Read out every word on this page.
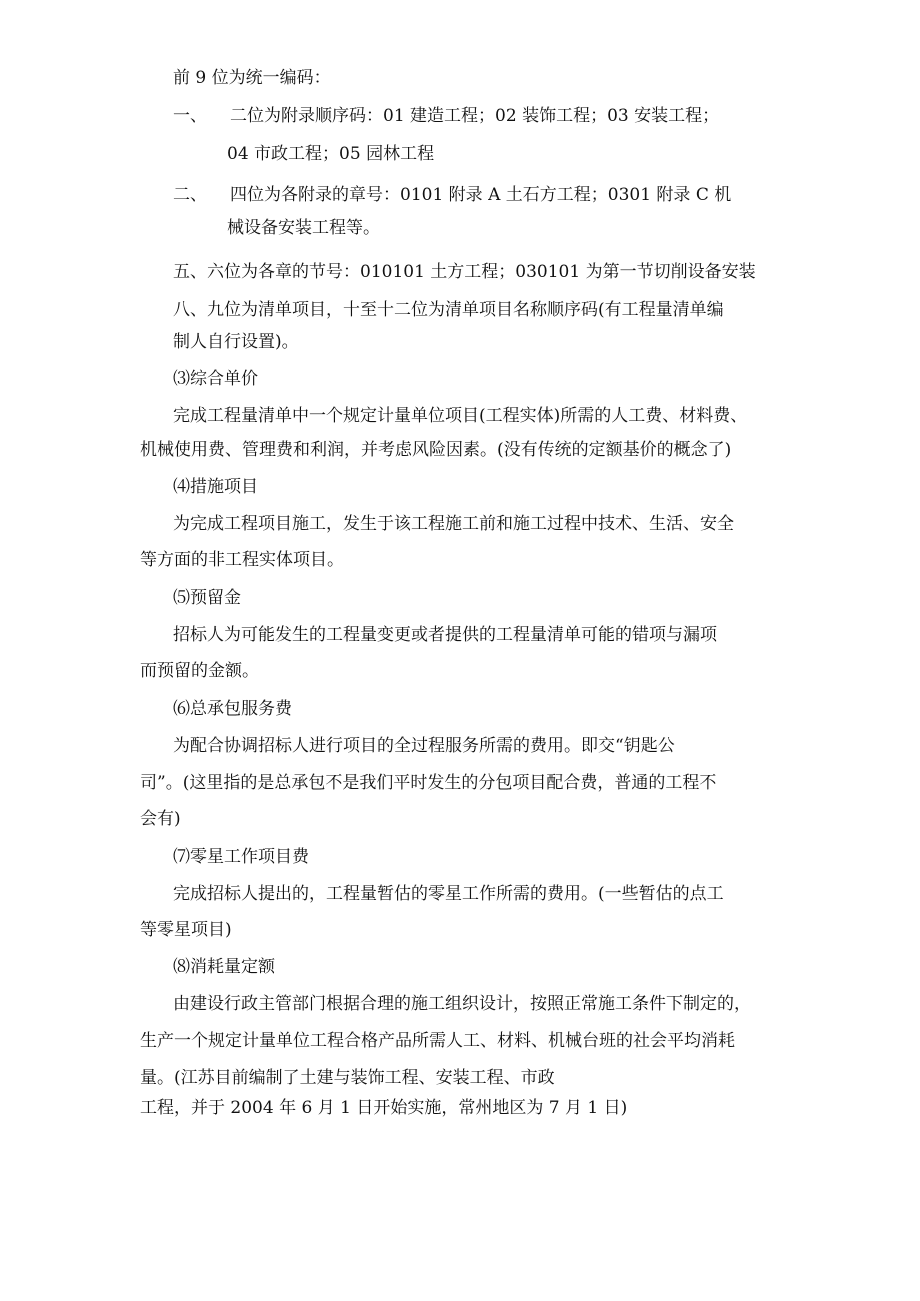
前 9 位为统一编码：
一、 二位为附录顺序码：01 建造工程；02 装饰工程；03 安装工程；
04 市政工程；05 园林工程
二、 四位为各附录的章号：0101 附录 A 土石方工程；0301 附录 C 机
械设备安装工程等。
五、六位为各章的节号：010101 土方工程；030101 为第一节切削设备安装
八、九位为清单项目，十至十二位为清单项目名称顺序码(有工程量清单编
制人自行设置)。
⑶综合单价
完成工程量清单中一个规定计量单位项目(工程实体)所需的人工费、材料费、
机械使用费、管理费和利润，并考虑风险因素。(没有传统的定额基价的概念了)
⑷措施项目
为完成工程项目施工，发生于该工程施工前和施工过程中技术、生活、安全
等方面的非工程实体项目。
⑸预留金
招标人为可能发生的工程量变更或者提供的工程量清单可能的错项与漏项
而预留的金额。
⑹总承包服务费
为配合协调招标人进行项目的全过程服务所需的费用。即交“钥匙公
司”。(这里指的是总承包不是我们平时发生的分包项目配合费，普通的工程不
会有)
⑺零星工作项目费
完成招标人提出的，工程量暂估的零星工作所需的费用。(一些暂估的点工
等零星项目)
⑻消耗量定额
由建设行政主管部门根据合理的施工组织设计，按照正常施工条件下制定的，
生产一个规定计量单位工程合格产品所需人工、材料、机械台班的社会平均消耗
量。(江苏目前编制了土建与装饰工程、安装工程、市政
工程，并于 2004 年 6 月 1 日开始实施，常州地区为 7 月 1 日)
